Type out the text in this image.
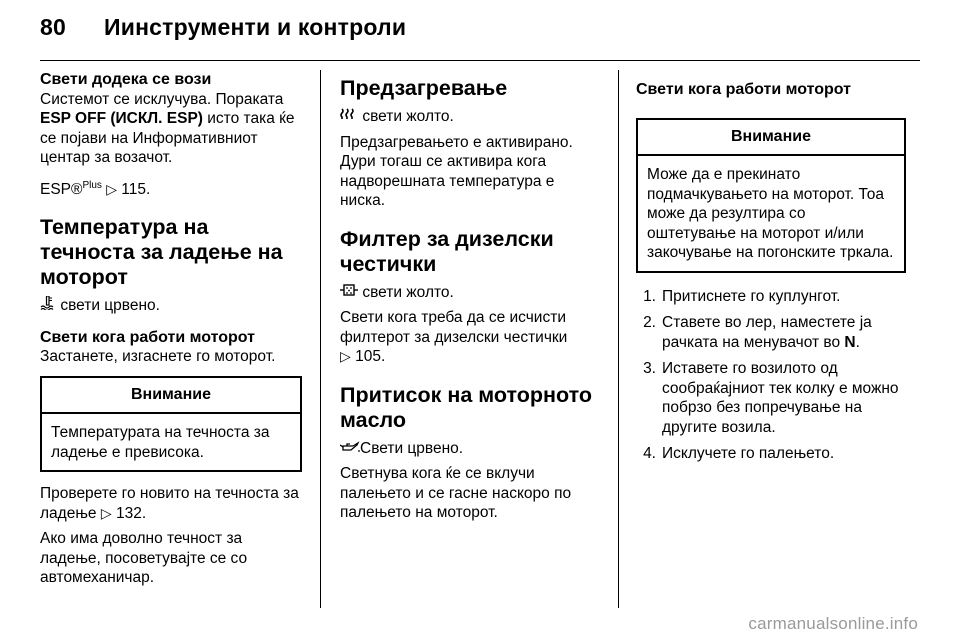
80 Иинструменти и контроли

Свети додека се вози

Системот се исклучува. Пораката ESP OFF (ИСКЛ. ESP) исто така ќе се појави на Информативниот центар за возачот.

ESP®$^{Plus}$ ▷ 115.

Температура на течноста за ладење на моторот

свети црвено.

Свети кога работи моторот

Застанете, изгаснете го моторот.

Внимание
Температурата на течноста за ладење е превисока.

Проверете го новито на течноста за ладење ▷ 132.

Ако има доволно течност за ладење, посоветувајте се со автомеханичар.

Предзагревање

свети жолто.

Предзагревањето е активирано. Дури тогаш се активира кога надворешната температура е ниска.

Филтер за дизелски честички

свети жолто.

Свети кога треба да се исчисти филтерот за дизелски честички
▷ 105.

Притисок на моторното масло

Свети црвено.

Светнува кога ќе се вклучи палењето и се гасне наскоро по палењето на моторот.

Свети кога работи моторот

Внимание
Може да е прекинато подмачкувањето на моторот. Тоа може да резултира со оштетување на моторот и/или закочување на погонските тркала.
1. Притиснете го куплунгот.
2. Ставете во лер, наместете ја рачката на менувачот во N.
3. Иставете го возилото од сообраќајниот тек колку е можно побрзо без попречување на другите возила.
4. Исклучете го палењето.
carmanualsonline.info
